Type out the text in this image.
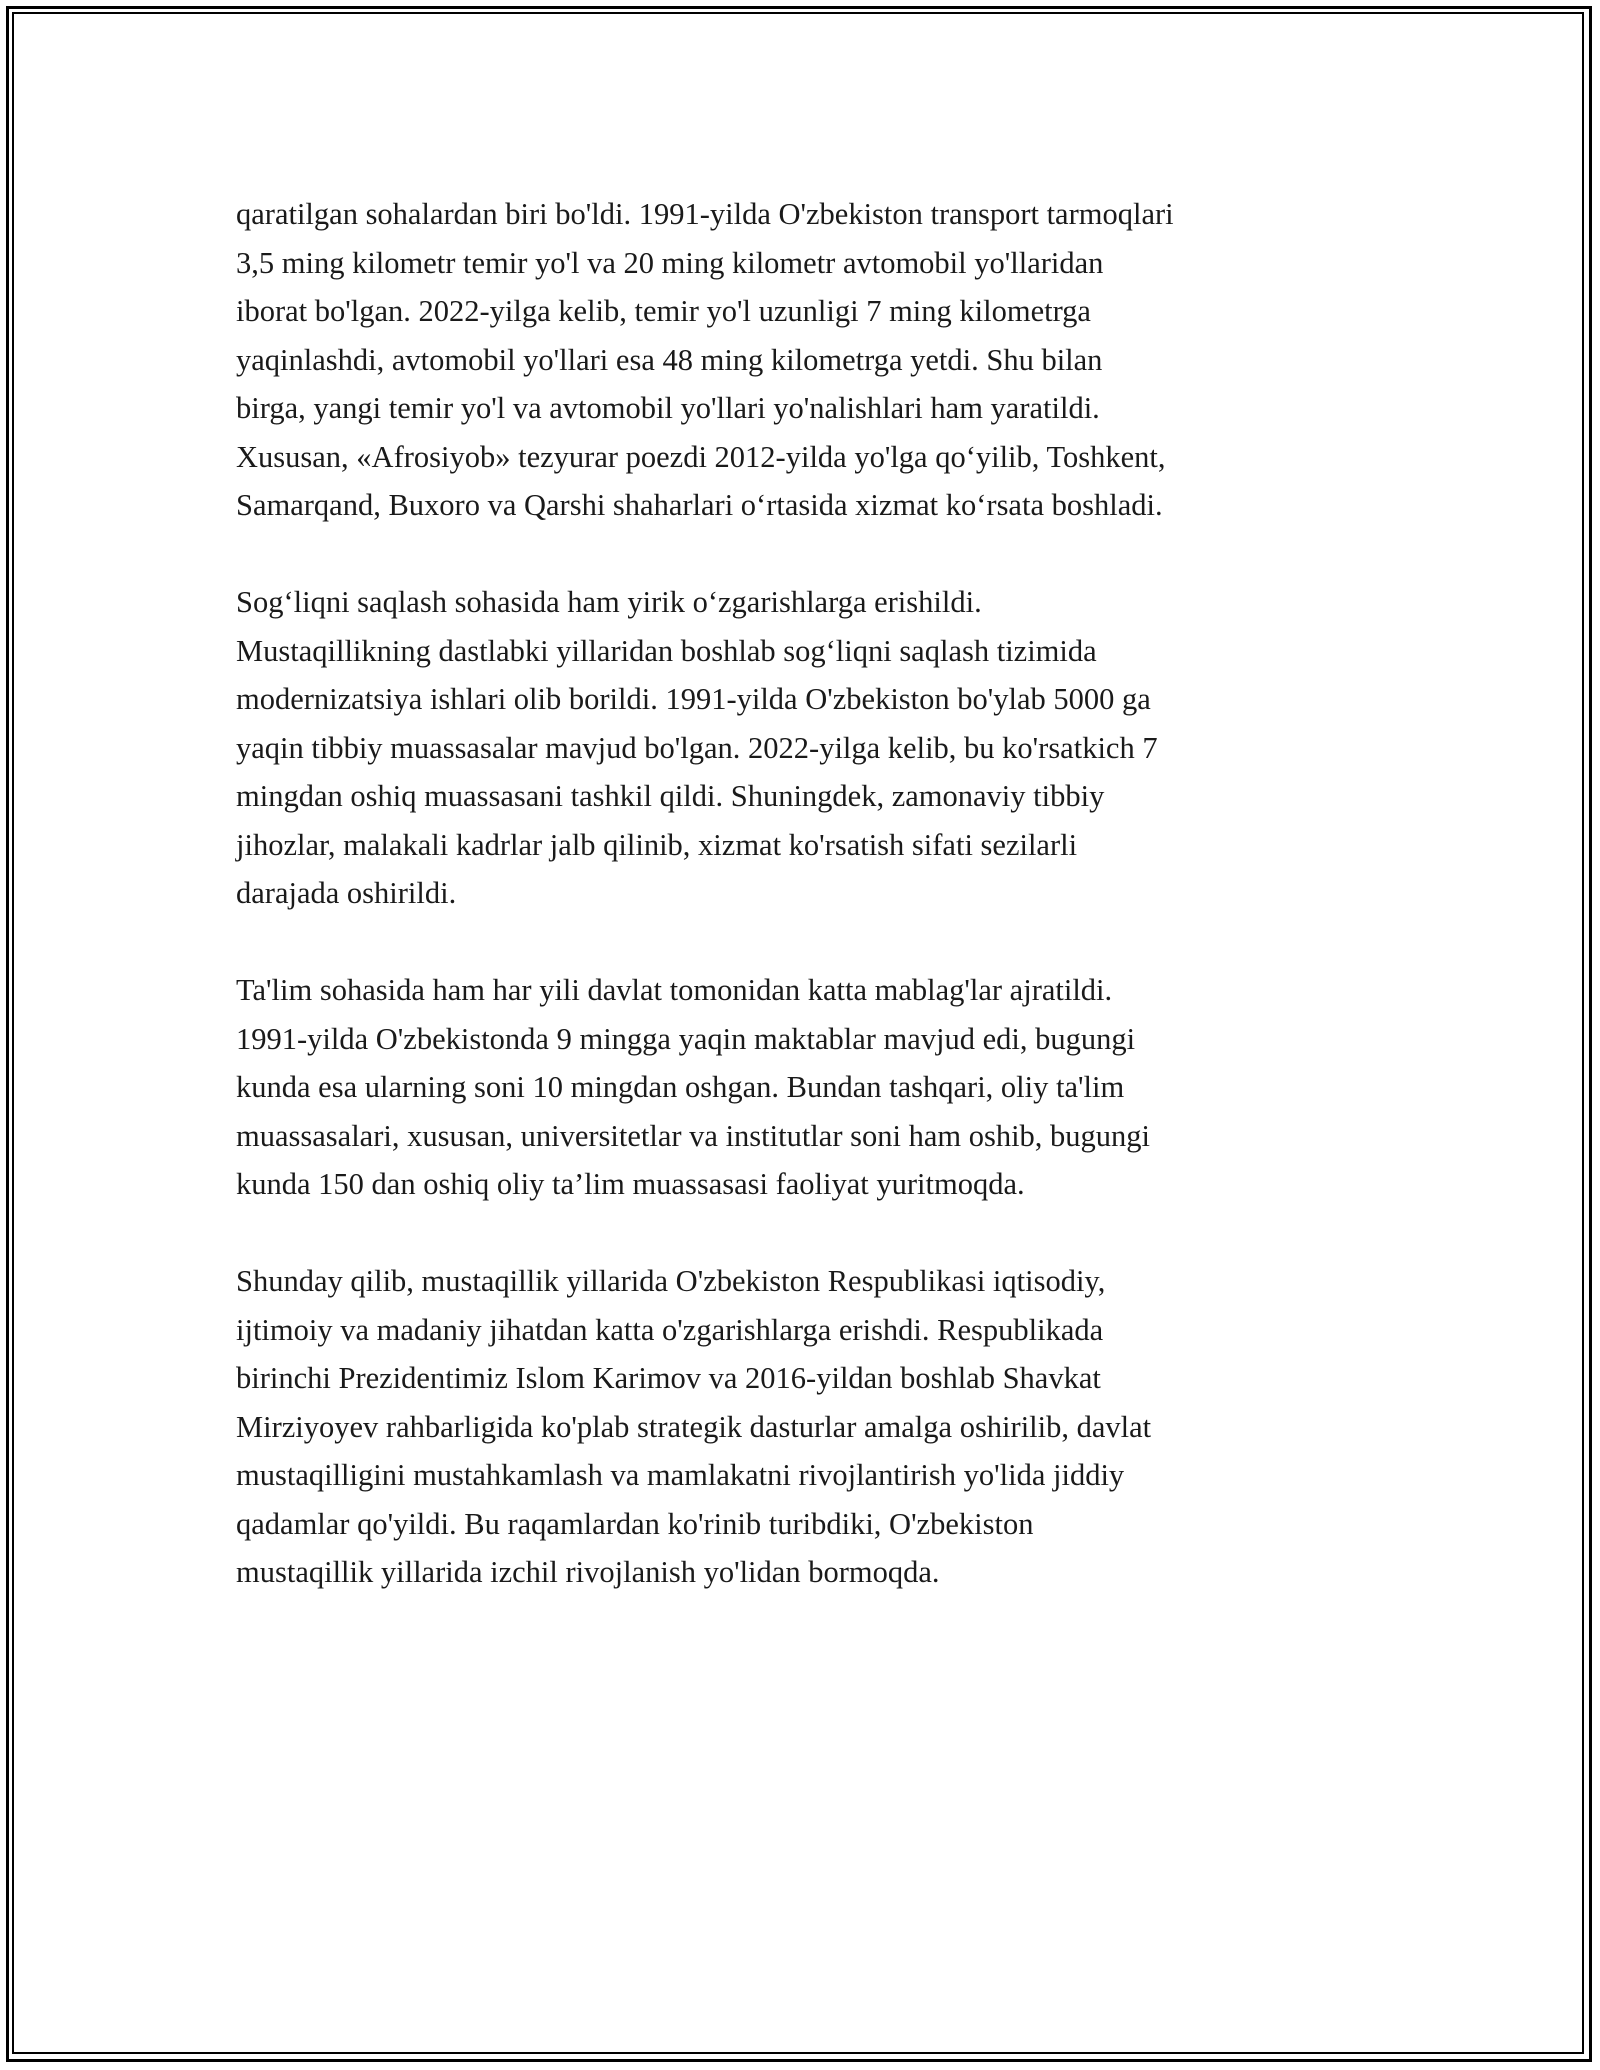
qaratilgan sohalardan biri bo'ldi. 1991-yilda O'zbekiston transport tarmoqlari
3,5 ming kilometr temir yo'l va 20 ming kilometr avtomobil yo'llaridan
iborat bo'lgan. 2022-yilga kelib, temir yo'l uzunligi 7 ming kilometrga
yaqinlashdi, avtomobil yo'llari esa 48 ming kilometrga yetdi. Shu bilan
birga, yangi temir yo'l va avtomobil yo'llari yo'nalishlari ham yaratildi.
Xususan, «Afrosiyob» tezyurar poezdi 2012-yilda yo'lga qo‘yilib, Toshkent,
Samarqand, Buxoro va Qarshi shaharlari o‘rtasida xizmat ko‘rsata boshladi.

Sog‘liqni saqlash sohasida ham yirik o‘zgarishlarga erishildi.
Mustaqillikning dastlabki yillaridan boshlab sog‘liqni saqlash tizimida
modernizatsiya ishlari olib borildi. 1991-yilda O'zbekiston bo'ylab 5000 ga
yaqin tibbiy muassasalar mavjud bo'lgan. 2022-yilga kelib, bu ko'rsatkich 7
mingdan oshiq muassasani tashkil qildi. Shuningdek, zamonaviy tibbiy
jihozlar, malakali kadrlar jalb qilinib, xizmat ko'rsatish sifati sezilarli
darajada oshirildi.

Ta'lim sohasida ham har yili davlat tomonidan katta mablag'lar ajratildi.
1991-yilda O'zbekistonda 9 mingga yaqin maktablar mavjud edi, bugungi
kunda esa ularning soni 10 mingdan oshgan. Bundan tashqari, oliy ta'lim
muassasalari, xususan, universitetlar va institutlar soni ham oshib, bugungi
kunda 150 dan oshiq oliy ta’lim muassasasi faoliyat yuritmoqda.

Shunday qilib, mustaqillik yillarida O'zbekiston Respublikasi iqtisodiy,
ijtimoiy va madaniy jihatdan katta o'zgarishlarga erishdi. Respublikada
birinchi Prezidentimiz Islom Karimov va 2016-yildan boshlab Shavkat
Mirziyoyev rahbarligida ko'plab strategik dasturlar amalga oshirilib, davlat
mustaqilligini mustahkamlash va mamlakatni rivojlantirish yo'lida jiddiy
qadamlar qo'yildi. Bu raqamlardan ko'rinib turibdiki, O'zbekiston
mustaqillik yillarida izchil rivojlanish yo'lidan bormoqda.
